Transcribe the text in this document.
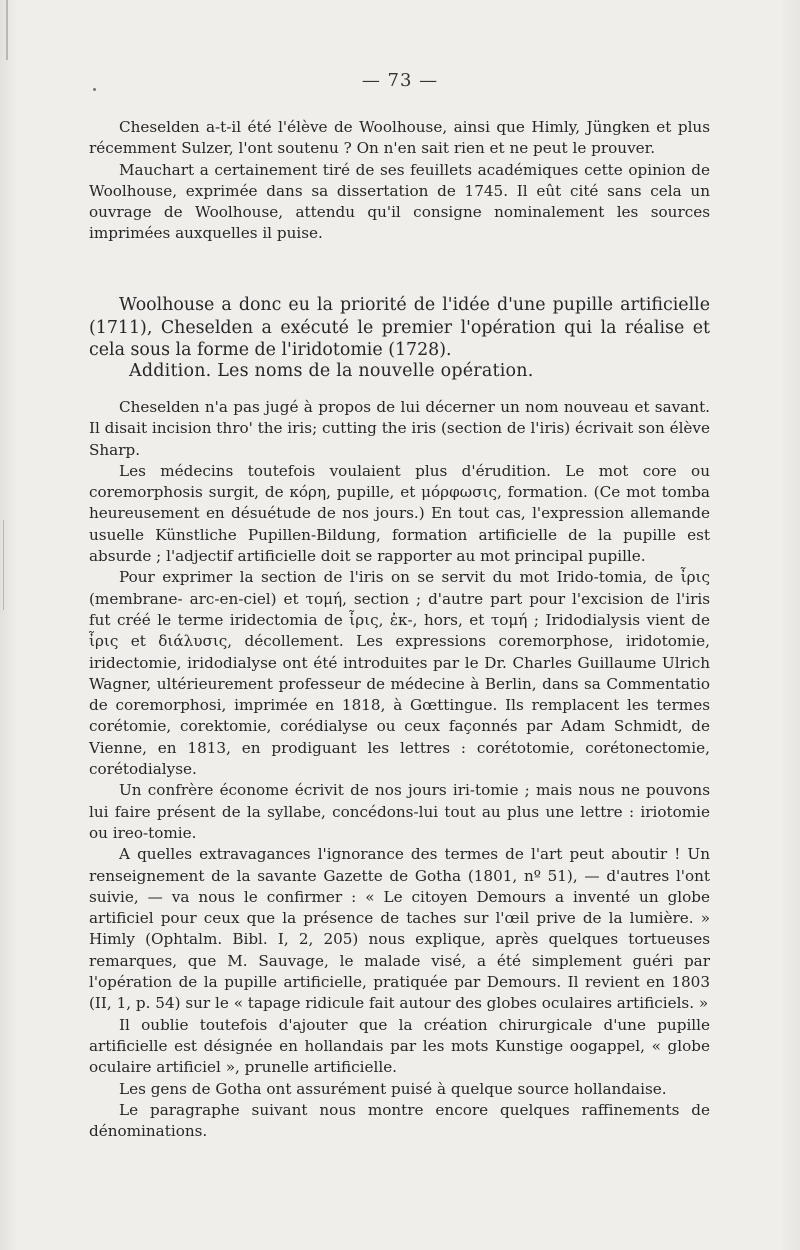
— 73 —

Cheselden a-t-il été l'élève de Woolhouse, ainsi que Himly, Jüngken et plus récemment Sulzer, l'ont soutenu ? On n'en sait rien et ne peut le prouver.

Mauchart a certainement tiré de ses feuillets académiques cette opinion de Woolhouse, exprimée dans sa dissertation de 1745. Il eût cité sans cela un ouvrage de Woolhouse, attendu qu'il consigne nominalement les sources imprimées auxquelles il puise.

Woolhouse a donc eu la priorité de l'idée d'une pupille artificielle (1711), Cheselden a exécuté le premier l'opération qui la réalise et cela sous la forme de l'iridotomie (1728).

Addition. Les noms de la nouvelle opération.

Cheselden n'a pas jugé à propos de lui décerner un nom nouveau et savant. Il disait incision thro' the iris; cutting the iris (section de l'iris) écrivait son élève Sharp.

Les médecins toutefois voulaient plus d'érudition. Le mot core ou coremorphosis surgit, de κόρη, pupille, et μόρφωσις, formation. (Ce mot tomba heureusement en désuétude de nos jours.) En tout cas, l'expression allemande usuelle Künstliche Pupillen-Bildung, formation artificielle de la pupille est absurde ; l'adjectif artificielle doit se rapporter au mot principal pupille.

Pour exprimer la section de l'iris on se servit du mot Irido-tomia, de ἶρις (membrane- arc-en-ciel) et τομή, section ; d'autre part pour l'excision de l'iris fut créé le terme iridectomia de ἶρις, ἐκ-, hors, et τομή ; Iridodialysis vient de ἶρις et διάλυσις, décollement. Les expressions coremorphose, iridotomie, iridectomie, iridodialyse ont été introduites par le Dr. Charles Guillaume Ulrich Wagner, ultérieurement professeur de médecine à Berlin, dans sa Commentatio de coremorphosi, imprimée en 1818, à Gœttingue. Ils remplacent les termes corétomie, corektomie, corédialyse ou ceux façonnés par Adam Schmidt, de Vienne, en 1813, en prodiguant les lettres : corétotomie, corétonectomie, corétodialyse.

Un confrère économe écrivit de nos jours iri-tomie ; mais nous ne pouvons lui faire présent de la syllabe, concédons-lui tout au plus une lettre : iriotomie ou ireo-tomie.

A quelles extravagances l'ignorance des termes de l'art peut aboutir ! Un renseignement de la savante Gazette de Gotha (1801, nº 51), — d'autres l'ont suivie, — va nous le confirmer : « Le citoyen Demours a inventé un globe artificiel pour ceux que la présence de taches sur l'œil prive de la lumière. » Himly (Ophtalm. Bibl. I, 2, 205) nous explique, après quelques tortueuses remarques, que M. Sauvage, le malade visé, a été simplement guéri par l'opération de la pupille artificielle, pratiquée par Demours. Il revient en 1803 (II, 1, p. 54) sur le « tapage ridicule fait autour des globes oculaires artificiels. »

Il oublie toutefois d'ajouter que la création chirurgicale d'une pupille artificielle est désignée en hollandais par les mots Kunstige oogappel, « globe oculaire artificiel », prunelle artificielle.

Les gens de Gotha ont assurément puisé à quelque source hollandaise.

Le paragraphe suivant nous montre encore quelques raffinements de dénominations.
